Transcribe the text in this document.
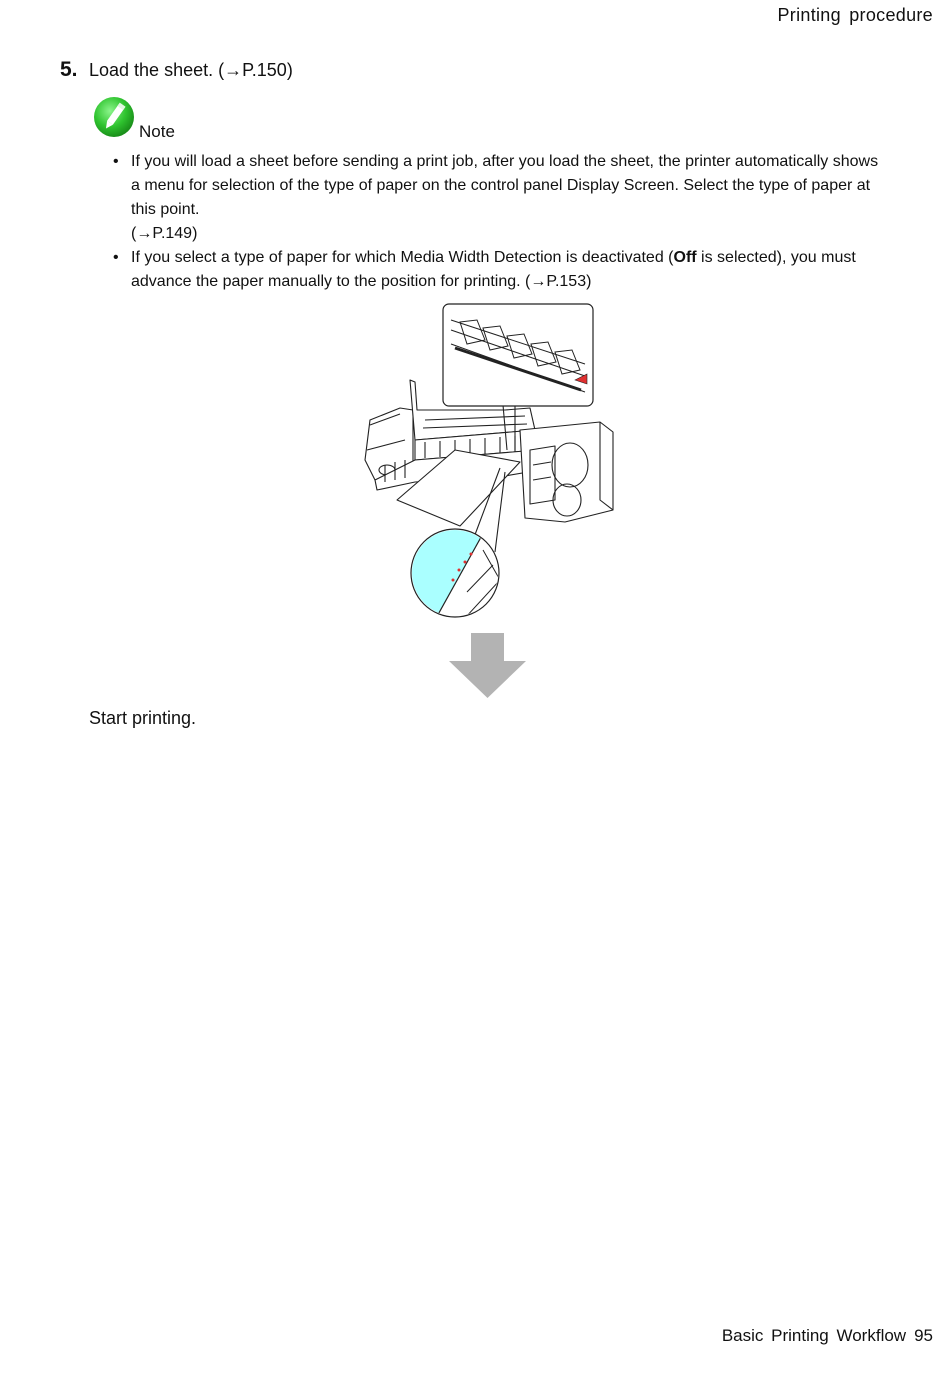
Printing procedure
5. Load the sheet. (→P.150)
Note
• If you will load a sheet before sending a print job, after you load the sheet, the printer automatically shows a menu for selection of the type of paper on the control panel Display Screen. Select the type of paper at this point.
(→P.149)
• If you select a type of paper for which Media Width Detection is deactivated (Off is selected), you must advance the paper manually to the position for printing. (→P.153)
Start printing.
Basic Printing Workflow 95
